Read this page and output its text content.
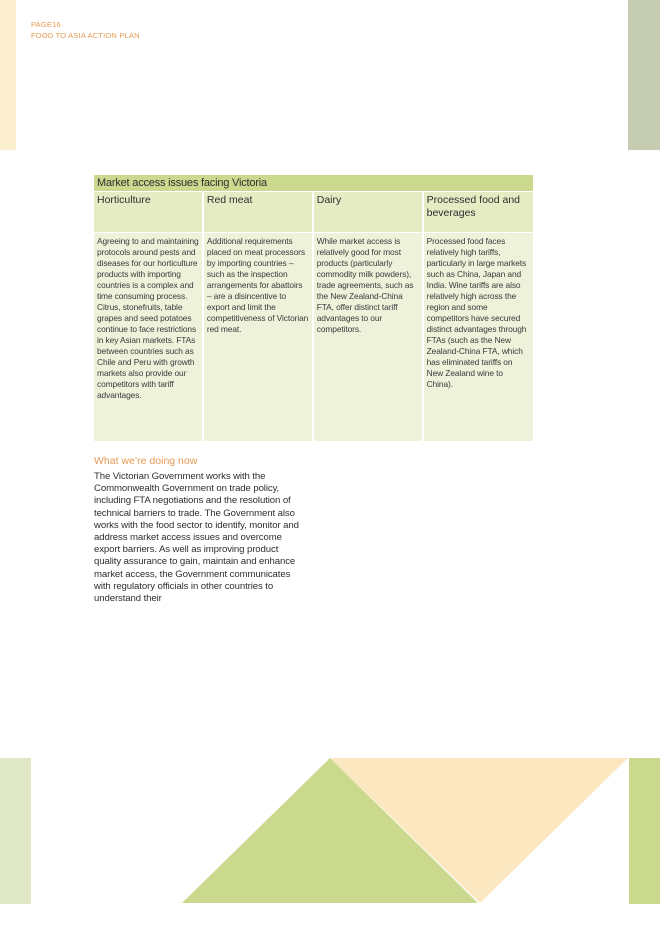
PAGE16
FOOD TO ASIA ACTION PLAN
Market access issues facing Victoria
Horticulture
Agreeing to and maintaining protocols around pests and diseases for our horticulture products with importing countries is a complex and time consuming process. Citrus, stonefruits, table grapes and seed potatoes continue to face restrictions in key Asian markets. FTAs between countries such as Chile and Peru with growth markets also provide our competitors with tariff advantages.
Red meat
Additional requirements placed on meat processors by importing countries – such as the inspection arrangements for abattoirs – are a disincentive to export and limit the competitiveness of Victorian red meat.
Dairy
While market access is relatively good for most products (particularly commodity milk powders), trade agreements, such as the New Zealand-China FTA, offer distinct tariff advantages to our competitors.
Processed food and beverages
Processed food faces relatively high tariffs, particularly in large markets such as China, Japan and India. Wine tariffs are also relatively high across the region and some competitors have secured distinct advantages through FTAs (such as the New Zealand-China FTA, which has eliminated tariffs on New Zealand wine to China).
What we’re doing now
The Victorian Government works with the Commonwealth Government on trade policy, including FTA negotiations and the resolution of technical barriers to trade. The Government also works with the food sector to identify, monitor and address market access issues and overcome export barriers. As well as improving product quality assurance to gain, maintain and enhance market access, the Government communicates with regulatory officials in other countries to understand their
